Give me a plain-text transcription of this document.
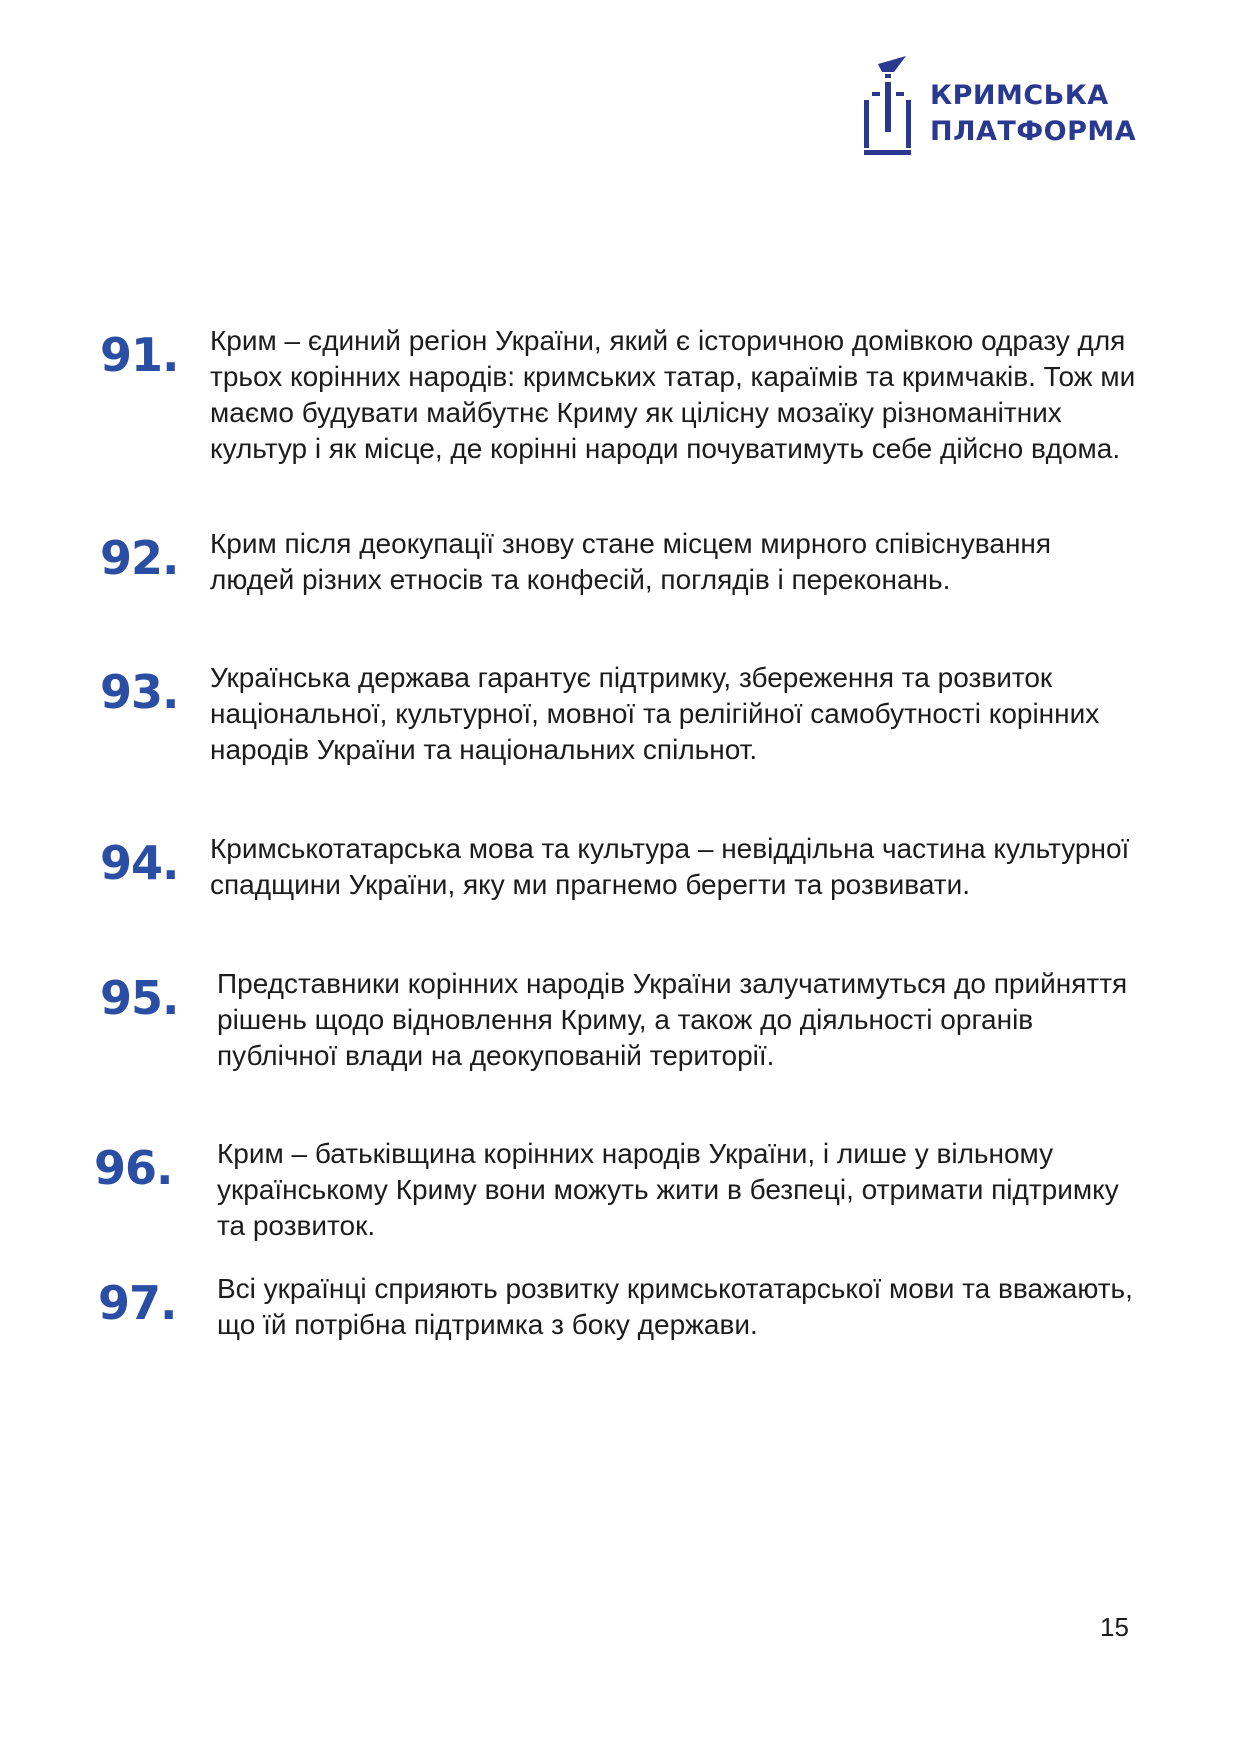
КРИМСЬКА
ПЛАТФОРМА
91.	Крим – єдиний регіон України, який є історичною домівкою одразу для трьох корінних народів: кримських татар, караїмів та кримчаків. Тож ми маємо будувати майбутнє Криму як цілісну мозаїку різноманітних культур і як місце, де корінні народи почуватимуть себе дійсно вдома.
92.	Крим після деокупації знову стане місцем мирного співіснування людей різних етносів та конфесій, поглядів і переконань.
93.	Українська держава гарантує підтримку, збереження та розвиток національної, культурної, мовної та релігійної самобутності корінних народів України та національних спільнот.
94.	Кримськотатарська мова та культура – невіддільна частина культурної спадщини України, яку ми прагнемо берегти та розвивати.
95.	Представники корінних народів України залучатимуться до прийняття рішень щодо відновлення Криму, а також до діяльності органів публічної влади на деокупованій території.
96.	Крим – батьківщина корінних народів України, і лише у вільному українському Криму вони можуть жити в безпеці, отримати підтримку та розвиток.
97.	Всі українці сприяють розвитку кримськотатарської мови та вважають, що їй потрібна підтримка з боку держави.
15
